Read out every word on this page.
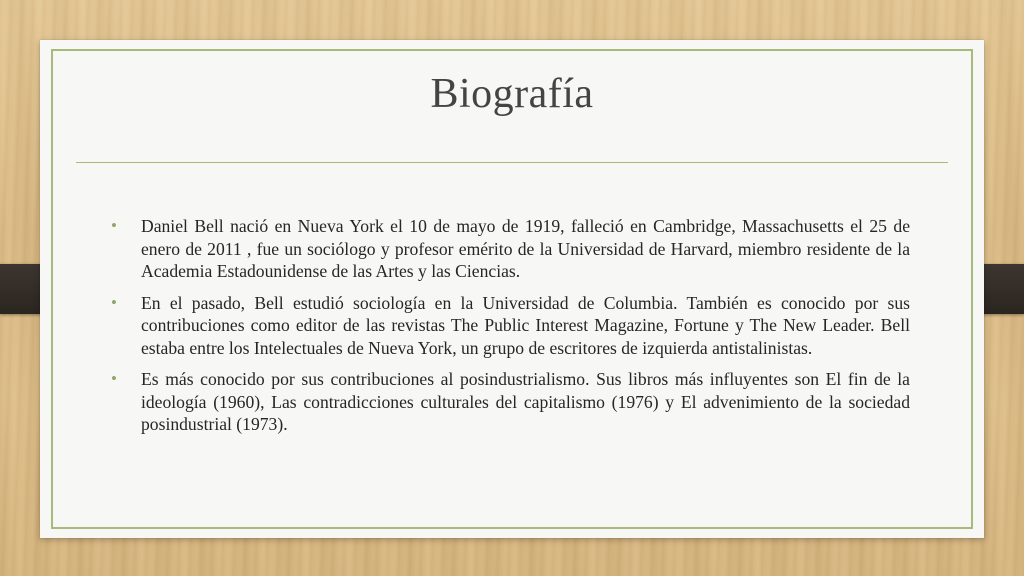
Biografía
• Daniel Bell nació en Nueva York el 10 de mayo de 1919, falleció en Cambridge, Massachusetts el 25 de enero de 2011 , fue un sociólogo y profesor emérito de la Universidad de Harvard, miembro residente de la Academia Estadounidense de las Artes y las Ciencias.
• En el pasado, Bell estudió sociología en la Universidad de Columbia. También es conocido por sus contribuciones como editor de las revistas The Public Interest Magazine, Fortune y The New Leader. Bell estaba entre los Intelectuales de Nueva York, un grupo de escritores de izquierda antistalinistas.
• Es más conocido por sus contribuciones al posindustrialismo. Sus libros más influyentes son El fin de la ideología (1960), Las contradicciones culturales del capitalismo (1976) y El advenimiento de la sociedad posindustrial (1973).
